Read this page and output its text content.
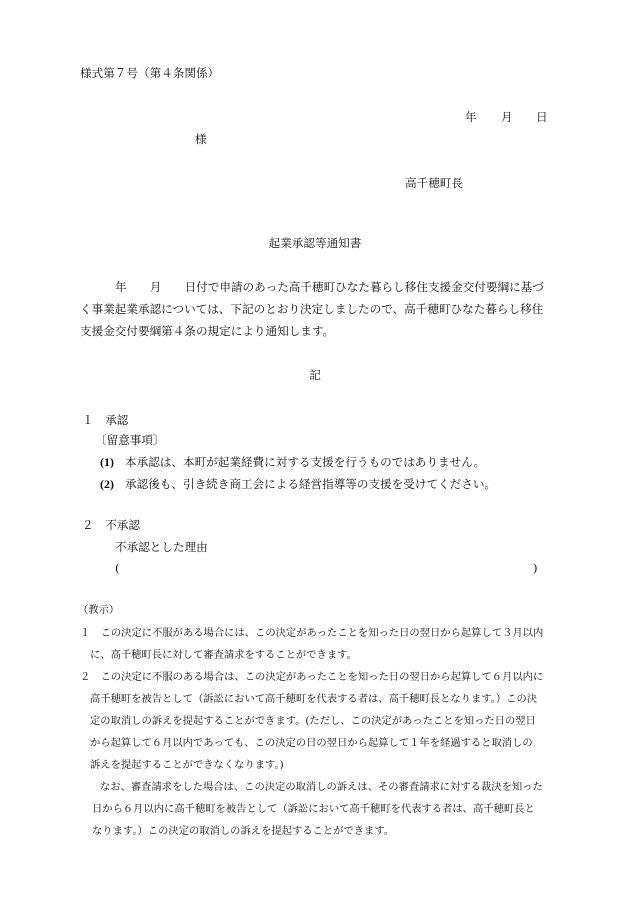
様式第７号（第４条関係）
年 月 日
様
高千穂町長
起業承認等通知書
年　　月　　日付で申請のあった高千穂町ひなた暮らし移住支援金交付要綱に基づ
く事業起業承認については、下記のとおり決定しましたので、高千穂町ひなた暮らし移住
支援金交付要綱第４条の規定により通知します。
記
１　承認
〔留意事項〕
(1) 本承認は、本町が起業経費に対する支援を行うものではありません。
(2) 承認後も、引き続き商工会による経営指導等の支援を受けてください。
２　不承認
不承認とした理由
(	)
（教示）
１　この決定に不服がある場合には、この決定があったことを知った日の翌日から起算して３月以内
に、高千穂町長に対して審査請求をすることができます。
２　この決定に不服のある場合は、この決定があったことを知った日の翌日から起算して６月以内に
高千穂町を被告として（訴訟において高千穂町を代表する者は、高千穂町長となります。）この決
定の取消しの訴えを提起することができます。(ただし、この決定があったことを知った日の翌日
から起算して６月以内であっても、この決定の日の翌日から起算して１年を経過すると取消しの
訴えを提起することができなくなります。)
なお、審査請求をした場合は、この決定の取消しの訴えは、その審査請求に対する裁決を知った
日から６月以内に高千穂町を被告として（訴訟において高千穂町を代表する者は、高千穂町長と
なります。）この決定の取消しの訴えを提起することができます。
